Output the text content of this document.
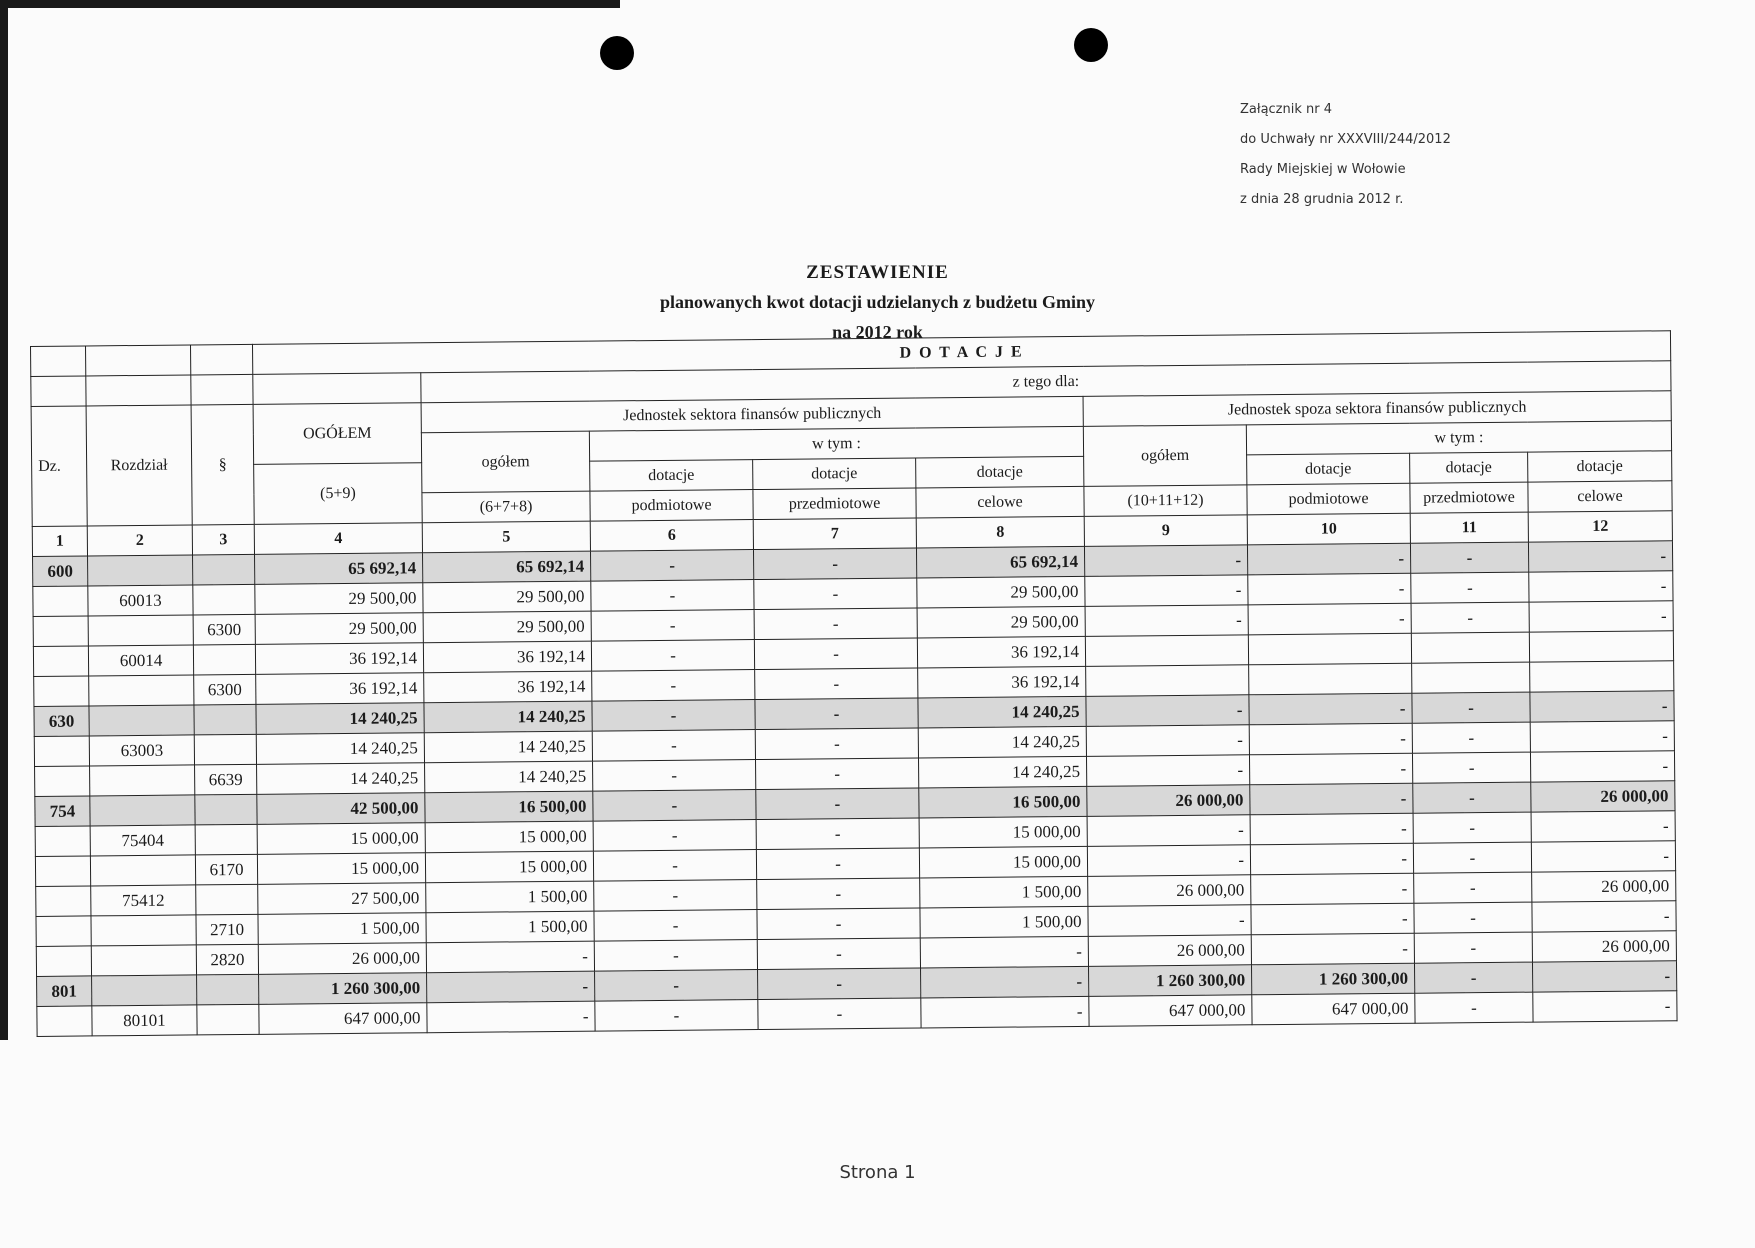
Załącznik nr 4
do Uchwały nr XXXVIII/244/2012
Rady Miejskiej w Wołowie
z dnia 28 grudnia 2012 r.
ZESTAWIENIE
planowanych kwot dotacji udzielanych z budżetu Gminy
na 2012 rok
			D O T A C J E								
				z tego dla:							
Dz.	Rozdział	§	OGÓŁEM	Jednostek sektora finansów publicznych				Jednostek spoza sektora finansów publicznych			
				ogółem	w tym :			ogółem	w tym :		
			(5+9)		dotacje	dotacje	dotacje		dotacje	dotacje	dotacje
				(6+7+8)	podmiotowe	przedmiotowe	celowe	(10+11+12)	podmiotowe	przedmiotowe	celowe

1	2	3	4	5	6	7	8	9	10	11	12
600			65 692,14	65 692,14	-	-	65 692,14	-	-	-	-
	60013		29 500,00	29 500,00	-	-	29 500,00	-	-	-	-
		6300	29 500,00	29 500,00	-	-	29 500,00	-	-	-	-
	60014		36 192,14	36 192,14	-	-	36 192,14				
		6300	36 192,14	36 192,14	-	-	36 192,14				
630			14 240,25	14 240,25	-	-	14 240,25	-	-	-	-
	63003		14 240,25	14 240,25	-	-	14 240,25	-	-	-	-
		6639	14 240,25	14 240,25	-	-	14 240,25	-	-	-	-
754			42 500,00	16 500,00	-	-	16 500,00	26 000,00	-	-	26 000,00
	75404		15 000,00	15 000,00	-	-	15 000,00	-	-	-	-
		6170	15 000,00	15 000,00	-	-	15 000,00	-	-	-	-
	75412		27 500,00	1 500,00	-	-	1 500,00	26 000,00	-	-	26 000,00
		2710	1 500,00	1 500,00	-	-	1 500,00	-	-	-	-
		2820	26 000,00	-	-	-	-	26 000,00	-	-	26 000,00
801			1 260 300,00	-	-	-	-	1 260 300,00	1 260 300,00	-	-
	80101		647 000,00	-	-	-	-	647 000,00	647 000,00	-	-
Strona 1
